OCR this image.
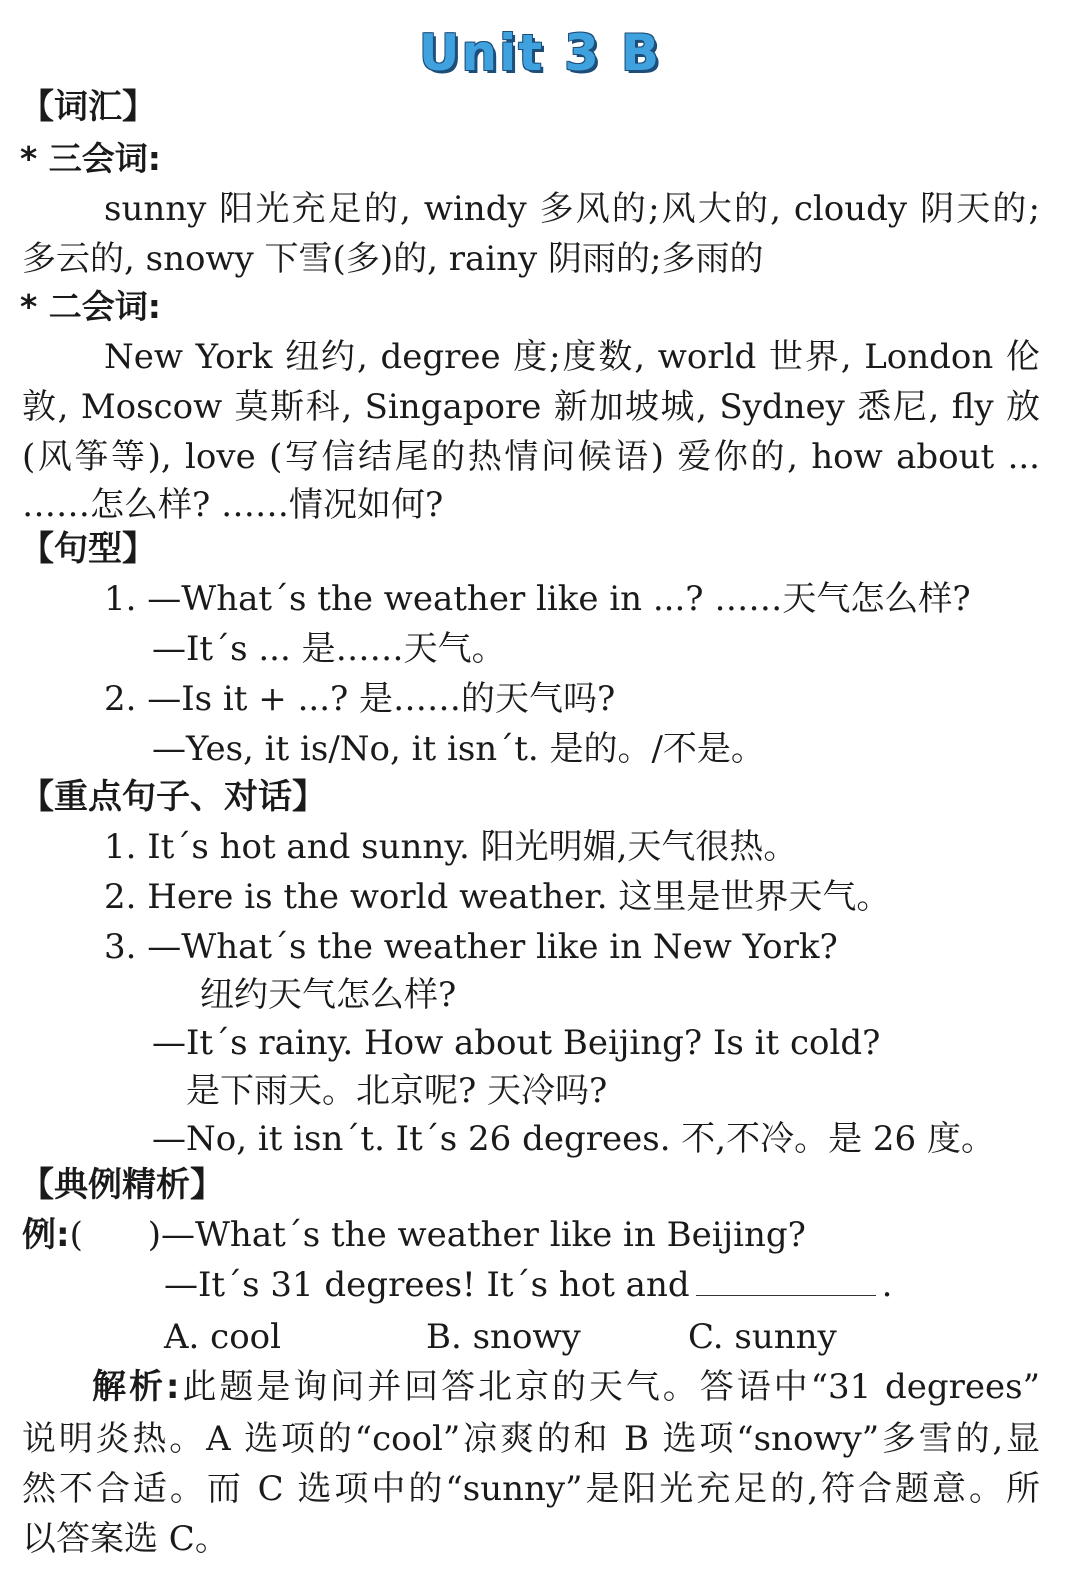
Unit 3 B
【词汇】
* 三会词:
sunny 阳光充足的, windy 多风的;风大的, cloudy 阴天的;
多云的, snowy 下雪(多)的, rainy 阴雨的;多雨的
* 二会词:
New York 纽约, degree 度;度数, world 世界, London 伦
敦, Moscow 莫斯科, Singapore 新加坡城, Sydney 悉尼, fly 放
(风筝等), love (写信结尾的热情问候语) 爱你的, how about ...
……怎么样? ……情况如何?
【句型】
1. —What´s the weather like in ...? ……天气怎么样?
—It´s ... 是……天气。
2. —Is it + ...? 是……的天气吗?
—Yes, it is/No, it isn´t. 是的。/不是。
【重点句子、对话】
1. It´s hot and sunny. 阳光明媚,天气很热。
2. Here is the world weather. 这里是世界天气。
3. —What´s the weather like in New York?
纽约天气怎么样?
—It´s rainy. How about Beijing? Is it cold?
是下雨天。北京呢? 天冷吗?
—No, it isn´t. It´s 26 degrees. 不,不冷。是 26 度。
【典例精析】
例:(      )—What´s the weather like in Beijing?
—It´s 31 degrees! It´s hot and	.
A. cool	B. snowy	C. sunny
解析:此题是询问并回答北京的天气。答语中“31 degrees”
说明炎热。A 选项的“cool”凉爽的和 B 选项“snowy”多雪的,显
然不合适。而 C 选项中的“sunny”是阳光充足的,符合题意。所
以答案选 C。
